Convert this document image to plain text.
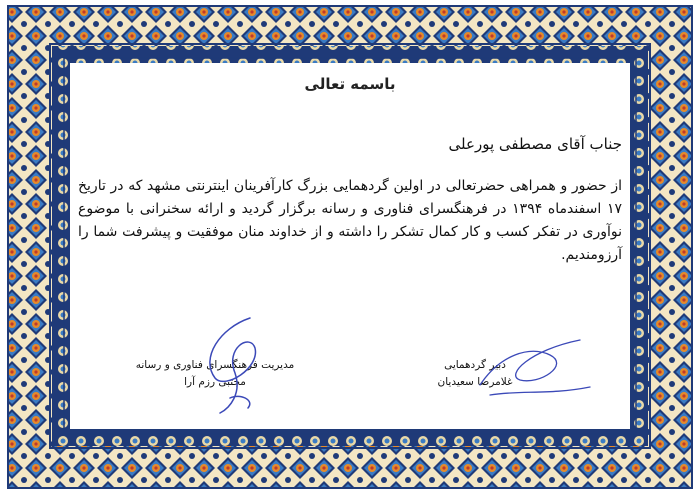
باسمه تعالی
جناب آقای مصطفی پورعلی
از حضور و همراهی حضرتعالی در اولین گردهمایی بزرگ کارآفرینان اینترنتی مشهد که در تاریخ ۱۷ اسفندماه ۱۳۹۴ در فرهنگسرای فناوری و رسانه برگزار گردید و ارائه سخنرانی با موضوع نوآوری در تفکر کسب و کار کمال تشکر را داشته و از خداوند منان موفقیت و پیشرفت شما را آرزومندیم.
مدیریت فرهنگسرای فناوری و رسانه
مجتبی رزم آرا
دبیر گردهمایی
غلامرضا سعیدیان
